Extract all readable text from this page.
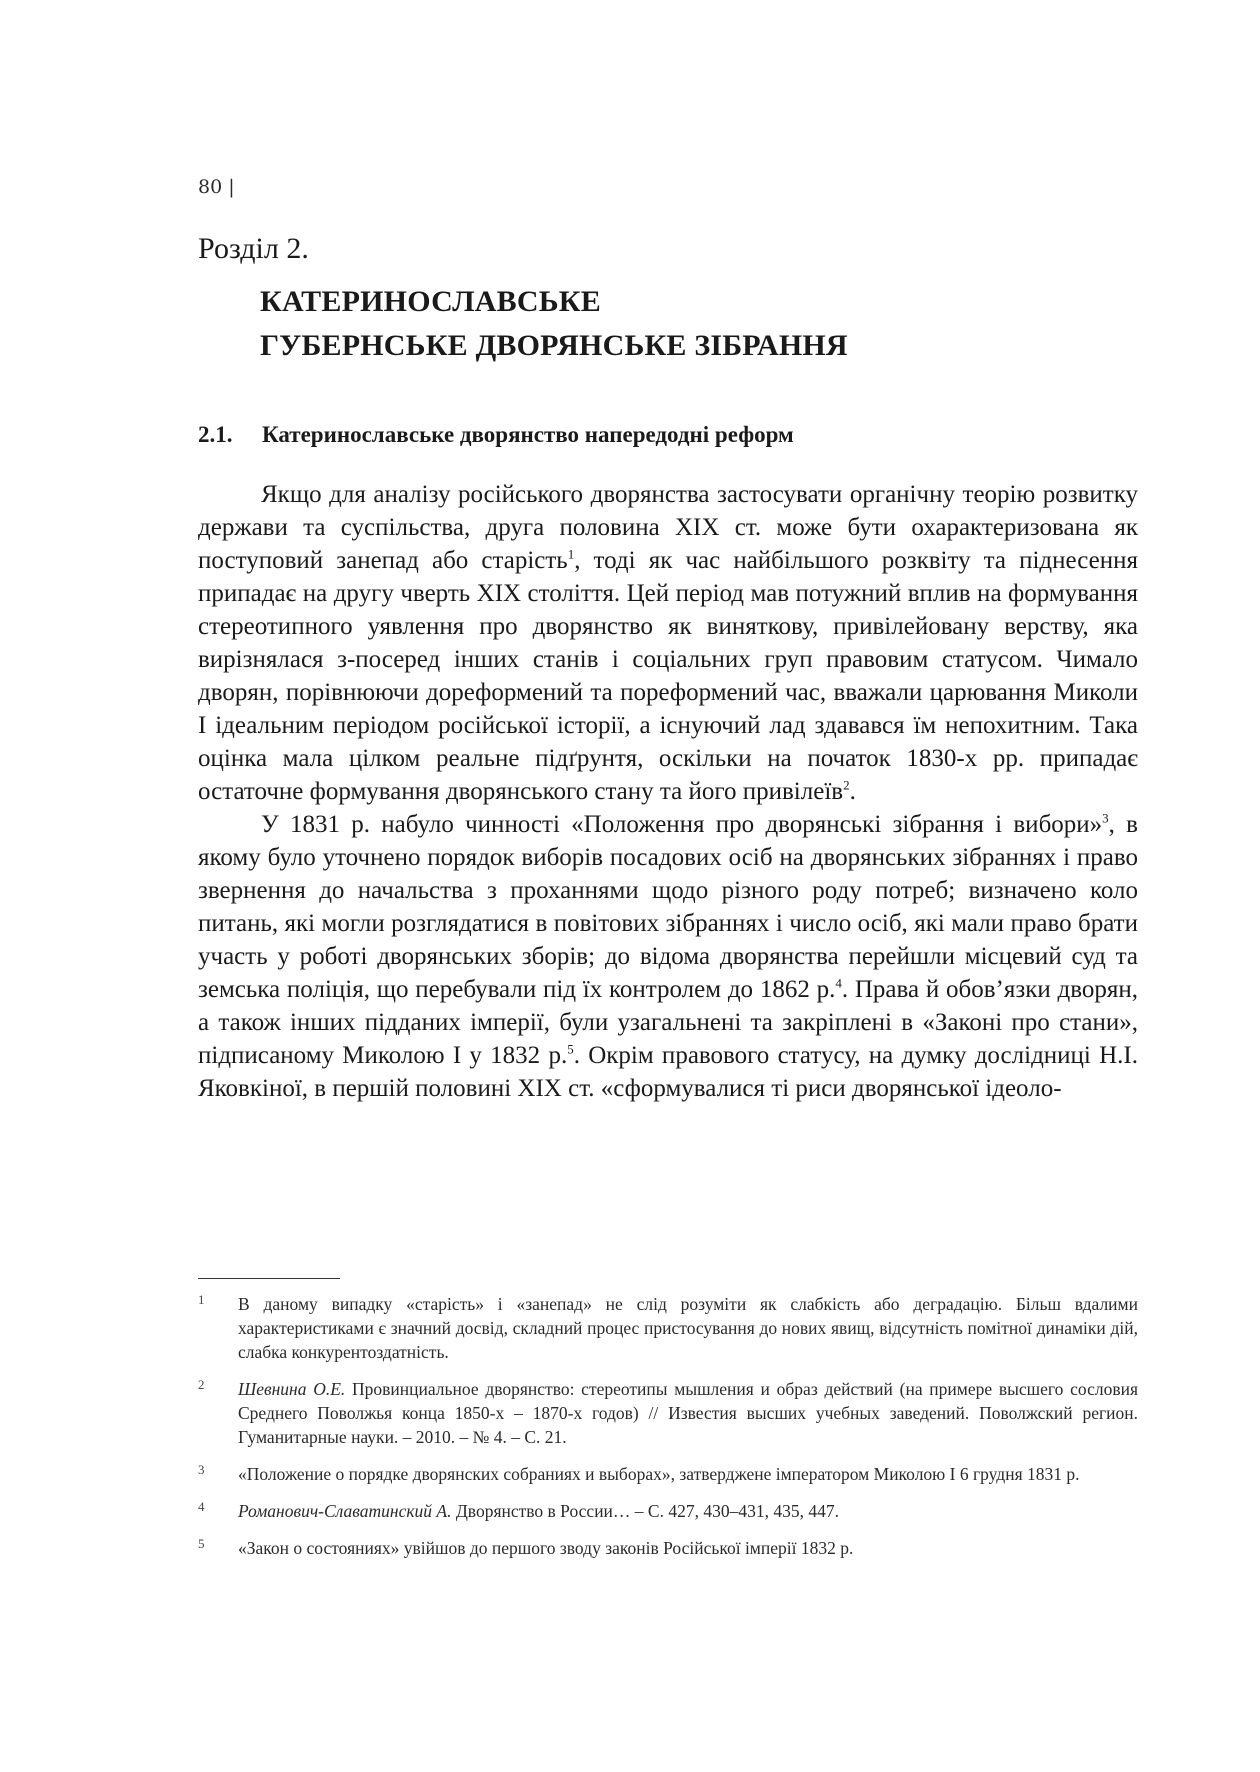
80 |
Розділ 2.
КАТЕРИНОСЛАВСЬКЕ
ГУБЕРНСЬКЕ ДВОРЯНСЬКЕ ЗІБРАННЯ
2.1. Катеринославське дворянство напередодні реформ

Якщо для аналізу російського дворянства застосувати органічну теорію розвитку держави та суспільства, друга половина XIX ст. може бути охарактеризована як поступовий занепад або старість$^1$, тоді як час найбільшого розквіту та піднесення припадає на другу чверть XIX століття. Цей період мав потужний вплив на формування стереотипного уявлення про дворянство як виняткову, привілейовану верству, яка вирізнялася з-посеред інших станів і соціальних груп правовим статусом. Чимало дворян, порівнюючи дореформений та пореформений час, вважали царювання Миколи I ідеальним періодом російської історії, а існуючий лад здавався їм непохитним. Така оцінка мала цілком реальне підґрунтя, оскільки на початок 1830-х рр. припадає остаточне формування дворянського стану та його привілеїв$^2$.

У 1831 р. набуло чинності «Положення про дворянські зібрання і вибори»$^3$, в якому було уточнено порядок виборів посадових осіб на дворянських зібраннях і право звернення до начальства з проханнями щодо різного роду потреб; визначено коло питань, які могли розглядатися в повітових зібраннях і число осіб, які мали право брати участь у роботі дворянських зборів; до відома дворянства перейшли місцевий суд та земська поліція, що перебували під їх контролем до 1862 р.$^4$. Права й обов’язки дворян, а також інших підданих імперії, були узагальнені та закріплені в «Законі про стани», підписаному Миколою I у 1832 р.$^5$. Окрім правового статусу, на думку дослідниці Н.І. Яковкіної, в першій половині XIX ст. «сформувалися ті риси дворянської ідеоло-

1 В даному випадку «старість» і «занепад» не слід розуміти як слабкість або деградацію. Більш вдалими характеристиками є значний досвід, складний процес пристосування до нових явищ, відсутність помітної динаміки дій, слабка конкурентоздатність.
2 Шевнина О.Е. Провинциальное дворянство: стереотипы мышления и образ действий (на примере высшего сословия Среднего Поволжья конца 1850-х – 1870-х годов) // Известия высших учебных заведений. Поволжский регион. Гуманитарные науки. – 2010. – № 4. – С. 21.
3 «Положение о порядке дворянских собраниях и выборах», затверджене імператором Миколою I 6 грудня 1831 р.
4 Романович-Славатинский А. Дворянство в России… – С. 427, 430–431, 435, 447.
5 «Закон о состояниях» увійшов до першого зводу законів Російської імперії 1832 р.
